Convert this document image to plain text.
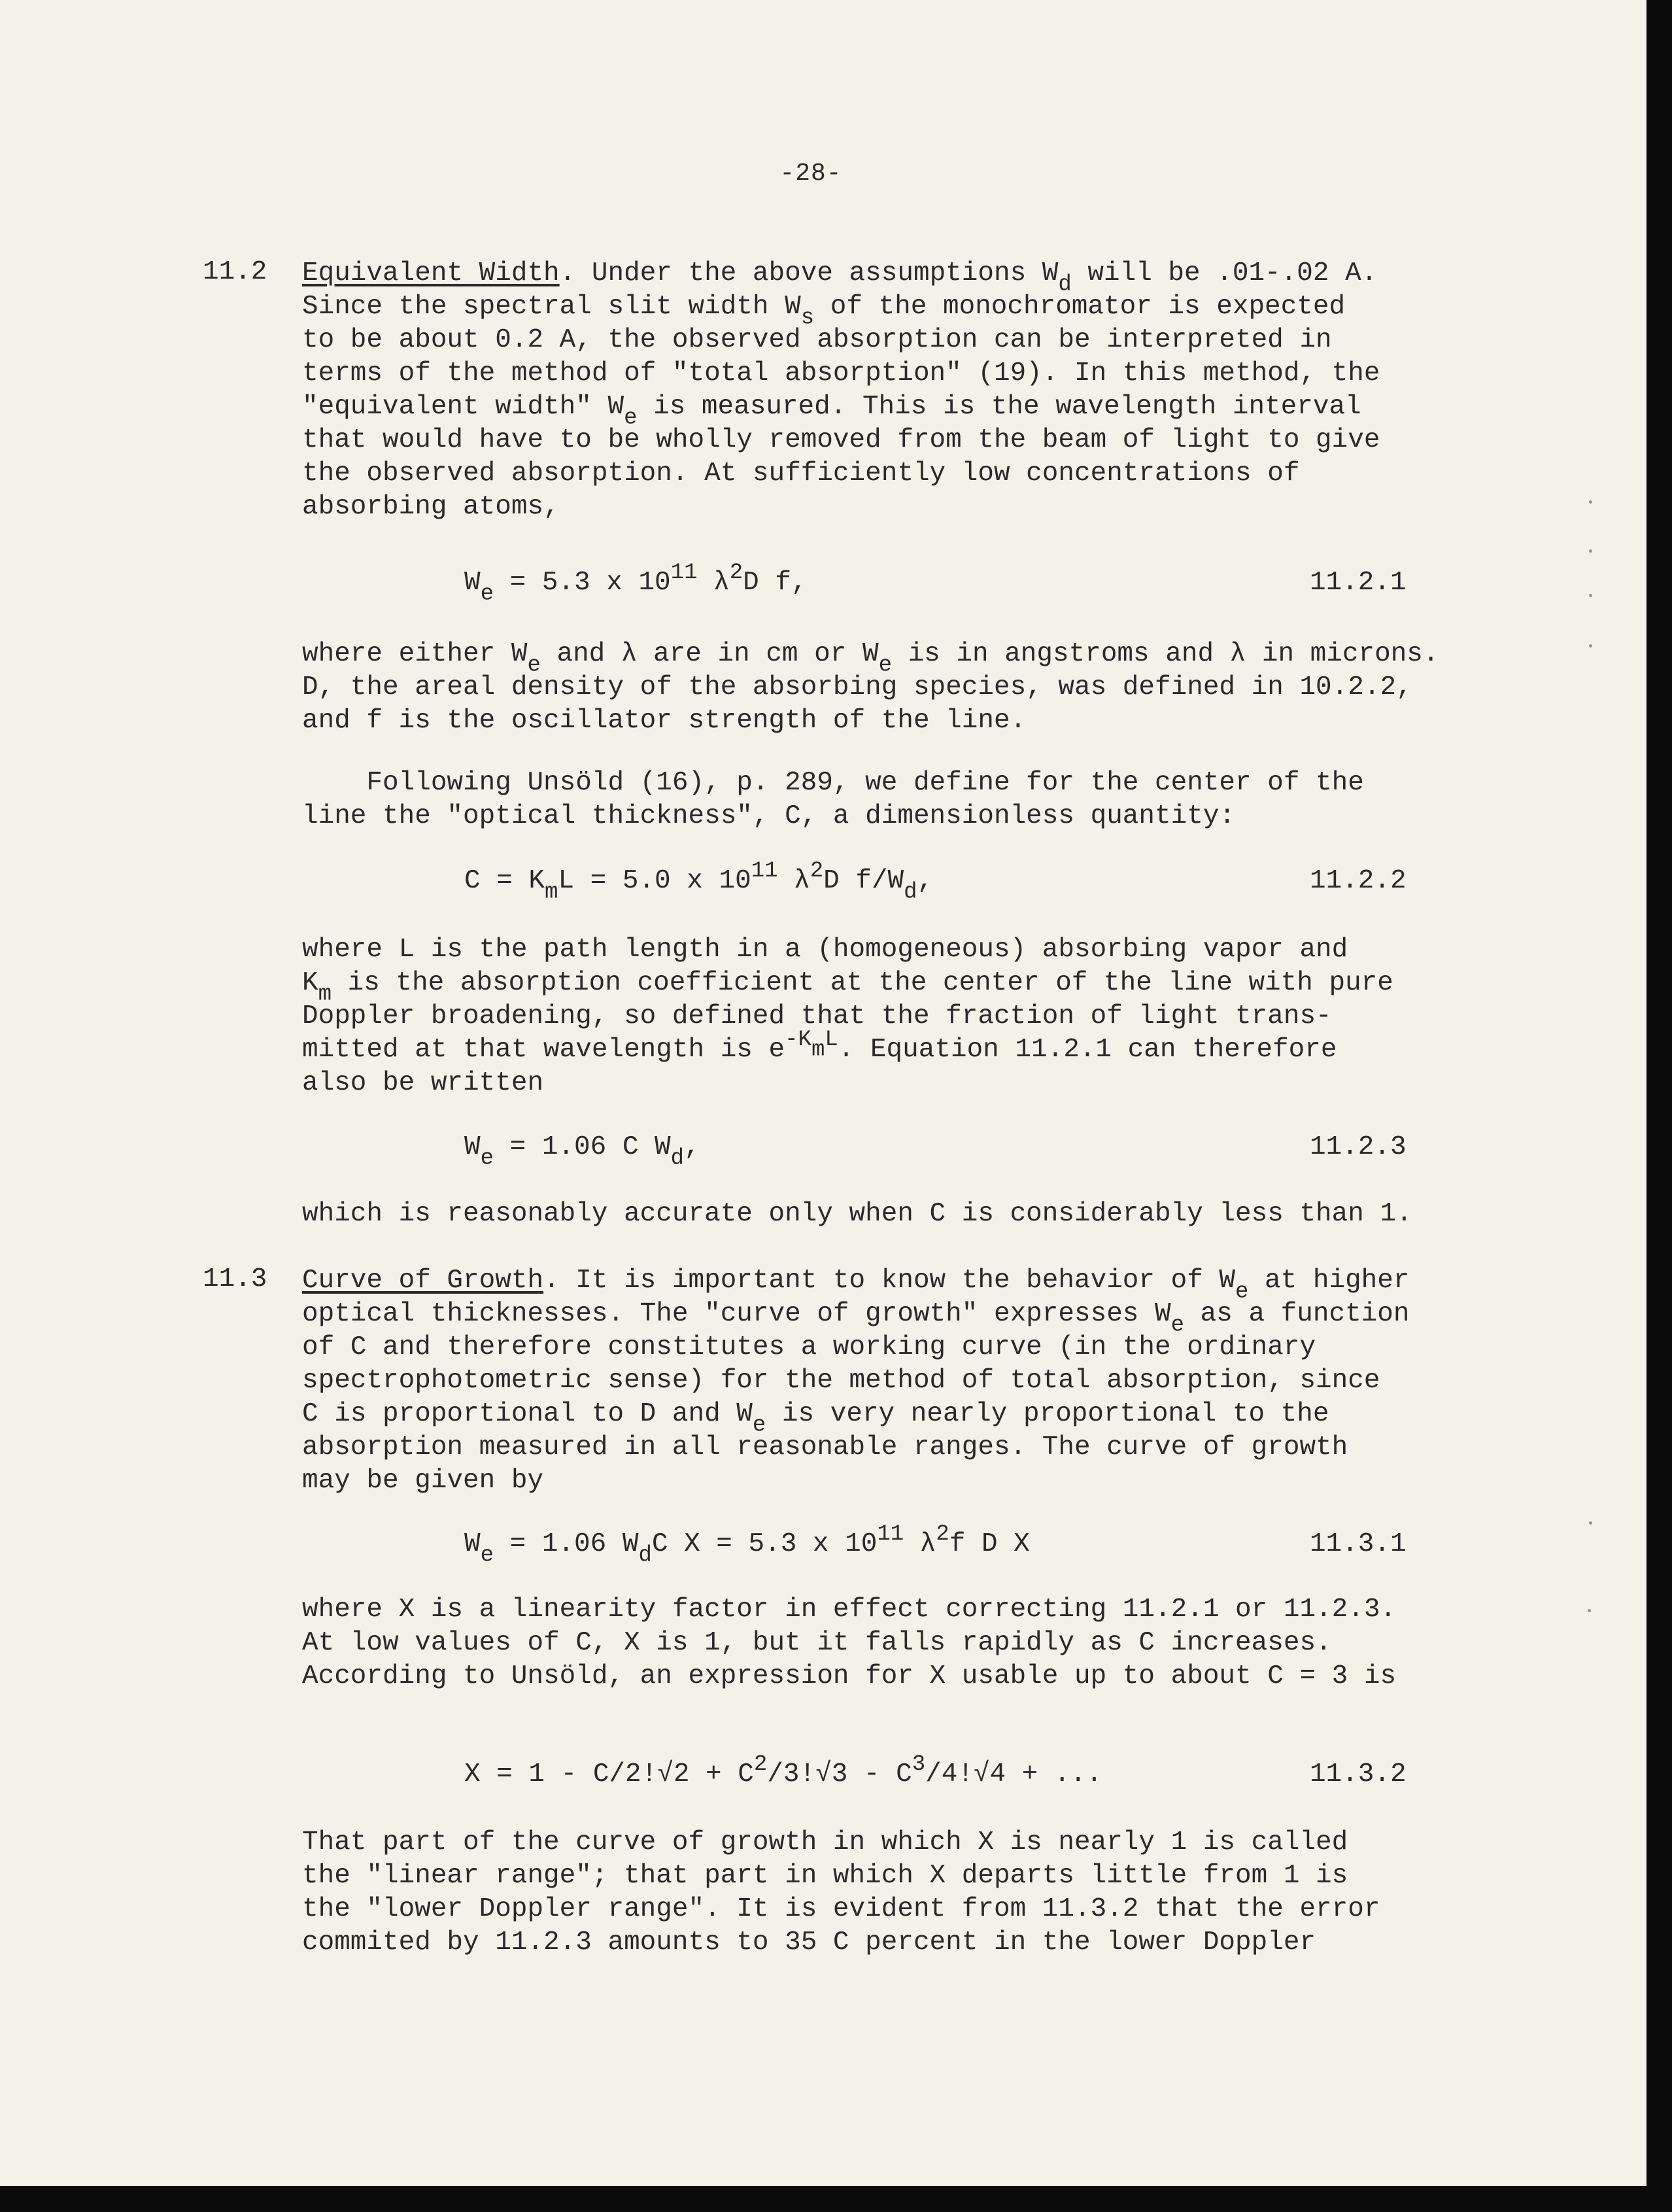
-28-
11.2 Equivalent Width. Under the above assumptions $W_d$ will be .01-.02 A.
Since the spectral slit width $W_s$ of the monochromator is expected
to be about 0.2 A, the observed absorption can be interpreted in
terms of the method of "total absorption" (19). In this method, the
"equivalent width" $W_e$ is measured. This is the wavelength interval
that would have to be wholly removed from the beam of light to give
the observed absorption. At sufficiently low concentrations of
absorbing atoms,
$W_e = 5.3$ x $10^{11}$ $\lambda^2D$ f,	11.2.1
where either $W_e$ and λ are in cm or $W_e$ is in angstroms and λ in microns.
D, the areal density of the absorbing species, was defined in 10.2.2,
and f is the oscillator strength of the line.
Following Unsöld (16), p. 289, we define for the center of the
line the "optical thickness", C, a dimensionless quantity:
$C = K_mL = 5.0$ x $10^{11}$ $\lambda^2D$ $f/W_d$,	11.2.2
where L is the path length in a (homogeneous) absorbing vapor and
$K_m$ is the absorption coefficient at the center of the line with pure
Doppler broadening, so defined that the fraction of light trans-
mitted at that wavelength is $e^{-K_mL}$. Equation 11.2.1 can therefore
also be written
$W_e = 1.06$ C $W_d$,	11.2.3
which is reasonably accurate only when C is considerably less than 1.
11.3 Curve of Growth. It is important to know the behavior of $W_e$ at higher
optical thicknesses. The "curve of growth" expresses $W_e$ as a function
of C and therefore constitutes a working curve (in the ordinary
spectrophotometric sense) for the method of total absorption, since
C is proportional to D and $W_e$ is very nearly proportional to the
absorption measured in all reasonable ranges. The curve of growth
may be given by
$W_e = 1.06$ $W_dC$ X = 5.3 x $10^{11}$ $\lambda^2f$ D X	11.3.1
where X is a linearity factor in effect correcting 11.2.1 or 11.2.3.
At low values of C, X is 1, but it falls rapidly as C increases.
According to Unsöld, an expression for X usable up to about C = 3 is
$X = 1 - C/2!√2 + C^2/3!√3 - C^3/4!√4$ + ...	11.3.2
That part of the curve of growth in which X is nearly 1 is called
the "linear range"; that part in which X departs little from 1 is
the "lower Doppler range". It is evident from 11.3.2 that the error
commited by 11.2.3 amounts to 35 C percent in the lower Doppler
